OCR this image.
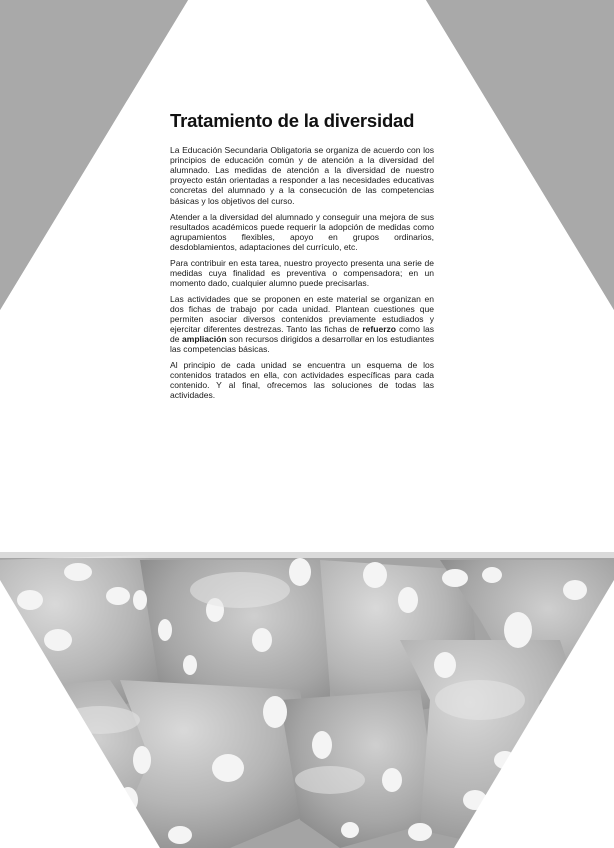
Tratamiento de la diversidad

La Educación Secundaria Obligatoria se organiza de acuerdo con los principios de educación común y de atención a la diversidad del alumnado. Las medidas de atención a la diversidad de nuestro proyecto están orientadas a responder a las necesidades educativas concretas del alumnado y a la consecución de las competencias básicas y los objetivos del curso.

Atender a la diversidad del alumnado y conseguir una mejora de sus resultados académicos puede requerir la adopción de medidas como agrupamientos flexibles, apoyo en grupos ordinarios, desdoblamientos, adaptaciones del currículo, etc.

Para contribuir en esta tarea, nuestro proyecto presenta una serie de medidas cuya finalidad es preventiva o compensadora; en un momento dado, cualquier alumno puede precisarlas.

Las actividades que se proponen en este material se organizan en dos fichas de trabajo por cada unidad. Plantean cuestiones que permiten asociar diversos contenidos previamente estudiados y ejercitar diferentes destrezas. Tanto las fichas de refuerzo como las de ampliación son recursos dirigidos a desarrollar en los estudiantes las competencias básicas.

Al principio de cada unidad se encuentra un esquema de los contenidos tratados en ella, con actividades específicas para cada contenido. Y al final, ofrecemos las soluciones de todas las actividades.
